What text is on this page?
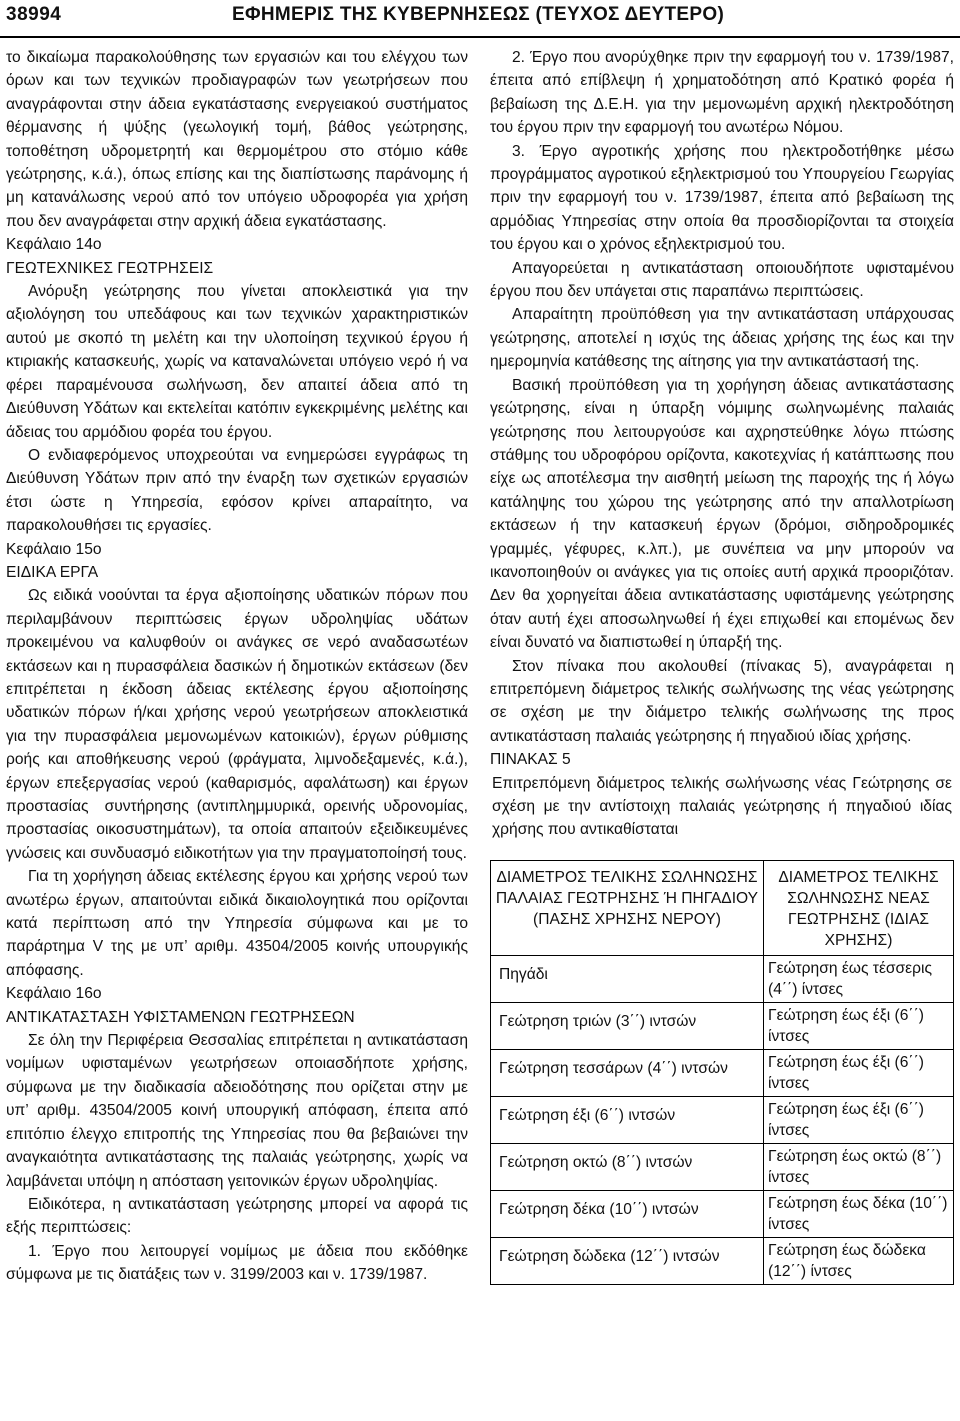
38994	ΕΦΗΜΕΡΙΣ ΤΗΣ ΚΥΒΕΡΝΗΣΕΩΣ (ΤΕΥΧΟΣ ΔΕΥΤΕΡΟ)

το δικαίωμα παρακολούθησης των εργασιών και του ελέγχου των όρων και των τεχνικών προδιαγραφών των γεωτρήσεων που αναγράφονται στην άδεια εγκατάστασης ενεργειακού συστήματος θέρμανσης ή ψύξης (γεωλογική τομή, βάθος γεώτρησης, τοποθέτηση υδρομετρητή και θερμομέτρου στο στόμιο κάθε γεώτρησης, κ.ά.), όπως επίσης και της διαπίστωσης παράνομης ή μη κατανάλωσης νερού από τον υπόγειο υδροφορέα για χρήση που δεν αναγράφεται στην αρχική άδεια εγκατάστασης.

Κεφάλαιο 14ο

ΓΕΩΤΕΧΝΙΚΕΣ ΓΕΩΤΡΗΣΕΙΣ

Ανόρυξη γεώτρησης που γίνεται αποκλειστικά για την αξιολόγηση του υπεδάφους και των τεχνικών χαρακτηριστικών αυτού με σκοπό τη μελέτη και την υλοποίηση τεχνικού έργου ή κτιριακής κατασκευής, χωρίς να καταναλώνεται υπόγειο νερό ή να φέρει παραμένουσα σωλήνωση, δεν απαιτεί άδεια από τη Διεύθυνση Υδάτων και εκτελείται κατόπιν εγκεκριμένης μελέτης και άδειας του αρμόδιου φορέα του έργου.

Ο ενδιαφερόμενος υποχρεούται να ενημερώσει εγγράφως τη Διεύθυνση Υδάτων πριν από την έναρξη των σχετικών εργασιών έτσι ώστε η Υπηρεσία, εφόσον κρίνει απαραίτητο, να παρακολουθήσει τις εργασίες.

Κεφάλαιο 15ο

ΕΙΔΙΚΑ ΕΡΓΑ

Ως ειδικά νοούνται τα έργα αξιοποίησης υδατικών πόρων που περιλαμβάνουν περιπτώσεις έργων υδροληψίας υδάτων προκειμένου να καλυφθούν οι ανάγκες σε νερό αναδασωτέων εκτάσεων και η πυρασφάλεια δασικών ή δημοτικών εκτάσεων (δεν επιτρέπεται η έκδοση άδειας εκτέλεσης έργου αξιοποίησης υδατικών πόρων ή/και χρήσης νερού γεωτρήσεων αποκλειστικά για την πυρασφάλεια μεμονωμένων κατοικιών), έργων ρύθμισης ροής και αποθήκευσης νερού (φράγματα, λιμνοδεξαμενές, κ.ά.), έργων επεξεργασίας νερού (καθαρισμός, αφαλάτωση) και έργων προστασίας συντήρησης (αντιπλημμυρικά, ορεινής υδρονομίας, προστασίας οικοσυστημάτων), τα οποία απαιτούν εξειδικευμένες γνώσεις και συνδυασμό ειδικοτήτων για την πραγματοποίησή τους.

Για τη χορήγηση άδειας εκτέλεσης έργου και χρήσης νερού των ανωτέρω έργων, απαιτούνται ειδικά δικαιολογητικά που ορίζονται κατά περίπτωση από την Υπηρεσία σύμφωνα και με το παράρτημα V της με υπ’ αριθμ. 43504/2005 κοινής υπουργικής απόφασης.

Κεφάλαιο 16ο

ΑΝΤΙΚΑΤΑΣΤΑΣΗ ΥΦΙΣΤΑΜΕΝΩΝ ΓΕΩΤΡΗΣΕΩΝ

Σε όλη την Περιφέρεια Θεσσαλίας επιτρέπεται η αντικατάσταση νομίμων υφισταμένων γεωτρήσεων οποιασδήποτε χρήσης, σύμφωνα με την διαδικασία αδειοδότησης που ορίζεται στην με υπ’ αριθμ. 43504/2005 κοινή υπουργική απόφαση, έπειτα από επιτόπιο έλεγχο επιτροπής της Υπηρεσίας που θα βεβαιώνει την αναγκαιότητα αντικατάστασης της παλαιάς γεώτρησης, χωρίς να λαμβάνεται υπόψη η απόσταση γειτονικών έργων υδροληψίας.

Ειδικότερα, η αντικατάσταση γεώτρησης μπορεί να αφορά τις εξής περιπτώσεις:

1. Έργο που λειτουργεί νομίμως με άδεια που εκδόθηκε σύμφωνα με τις διατάξεις των ν. 3199/2003 και ν. 1739/1987.

2. Έργο που ανορύχθηκε πριν την εφαρμογή του ν. 1739/1987, έπειτα από επίβλεψη ή χρηματοδότηση από Κρατικό φορέα ή βεβαίωση της Δ.Ε.Η. για την μεμονωμένη αρχική ηλεκτροδότηση του έργου πριν την εφαρμογή του ανωτέρω Νόμου.

3. Έργο αγροτικής χρήσης που ηλεκτροδοτήθηκε μέσω προγράμματος αγροτικού εξηλεκτρισμού του Υπουργείου Γεωργίας πριν την εφαρμογή του ν. 1739/1987, έπειτα από βεβαίωση της αρμόδιας Υπηρεσίας στην οποία θα προσδιορίζονται τα στοιχεία του έργου και ο χρόνος εξηλεκτρισμού του.

Απαγορεύεται η αντικατάσταση οποιουδήποτε υφισταμένου έργου που δεν υπάγεται στις παραπάνω περιπτώσεις.

Απαραίτητη προϋπόθεση για την αντικατάσταση υπάρχουσας γεώτρησης, αποτελεί η ισχύς της άδειας χρήσης της έως και την ημερομηνία κατάθεσης της αίτησης για την αντικατάστασή της.

Βασική προϋπόθεση για τη χορήγηση άδειας αντικατάστασης γεώτρησης, είναι η ύπαρξη νόμιμης σωληνωμένης παλαιάς γεώτρησης που λειτουργούσε και αχρηστεύθηκε λόγω πτώσης στάθμης του υδροφόρου ορίζοντα, κακοτεχνίας ή κατάπτωσης που είχε ως αποτέλεσμα την αισθητή μείωση της παροχής της ή λόγω κατάληψης του χώρου της γεώτρησης από την απαλλοτρίωση εκτάσεων ή την κατασκευή έργων (δρόμοι, σιδηροδρομικές γραμμές, γέφυρες, κ.λπ.), με συνέπεια να μην μπορούν να ικανοποιηθούν οι ανάγκες για τις οποίες αυτή αρχικά προοριζόταν. Δεν θα χορηγείται άδεια αντικατάστασης υφιστάμενης γεώτρησης όταν αυτή έχει αποσωληνωθεί ή έχει επιχωθεί και επομένως δεν είναι δυνατό να διαπιστωθεί η ύπαρξή της.

Στον πίνακα που ακολουθεί (πίνακας 5), αναγράφεται η επιτρεπόμενη διάμετρος τελικής σωλήνωσης της νέας γεώτρησης σε σχέση με την διάμετρο τελικής σωλήνωσης της προς αντικατάσταση παλαιάς γεώτρησης ή πηγαδιού ιδίας χρήσης.

ΠΙΝΑΚΑΣ 5

Επιτρεπόμενη διάμετρος τελικής σωλήνωσης νέας Γεώτρησης σε σχέση με την αντίστοιχη παλαιάς γεώτρησης ή πηγαδιού ιδίας χρήσης που αντικαθίσταται

ΔΙΑΜΕΤΡΟΣ ΤΕΛΙΚΗΣ ΣΩΛΗΝΩΣΗΣ ΠΑΛΑΙΑΣ ΓΕΩΤΡΗΣΗΣ Ή ΠΗΓΑΔΙΟΥ (ΠΑΣΗΣ ΧΡΗΣΗΣ ΝΕΡΟΥ)	ΔΙΑΜΕΤΡΟΣ ΤΕΛΙΚΗΣ ΣΩΛΗΝΩΣΗΣ ΝΕΑΣ ΓΕΩΤΡΗΣΗΣ (ΙΔΙΑΣ ΧΡΗΣΗΣ)
Πηγάδι	Γεώτρηση έως τέσσερις (4΄΄) ίντσες
Γεώτρηση τριών (3΄΄) ιντσών	Γεώτρηση έως έξι (6΄΄) ίντσες
Γεώτρηση τεσσάρων (4΄΄) ιντσών	Γεώτρηση έως έξι (6΄΄) ίντσες
Γεώτρηση έξι (6΄΄) ιντσών	Γεώτρηση έως έξι (6΄΄) ίντσες
Γεώτρηση οκτώ (8΄΄) ιντσών	Γεώτρηση έως οκτώ (8΄΄) ίντσες
Γεώτρηση δέκα (10΄΄) ιντσών	Γεώτρηση έως δέκα (10΄΄) ίντσες
Γεώτρηση δώδεκα (12΄΄) ιντσών	Γεώτρηση έως δώδεκα (12΄΄) ίντσες
